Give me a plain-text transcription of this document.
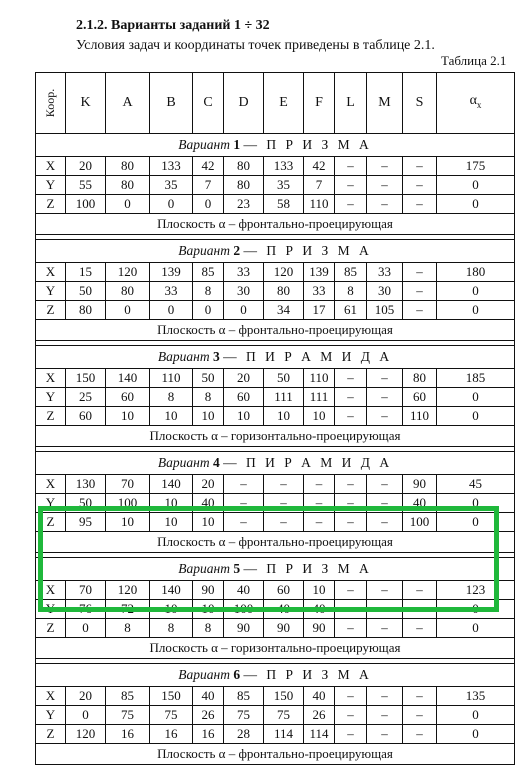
2.1.2. Варианты заданий 1 ÷ 32
Условия задач и координаты точек приведены в таблице 2.1.
Таблица 2.1
Коор.	K	A	B	C	D	E	F	L	M	S	$\alpha_x$
Вариант 1 — П Р И З М А											
X	20	80	133	42	80	133	42	–	–	–	175
Y	55	80	35	7	80	35	7	–	–	–	0
Z	100	0	0	0	23	58	110	–	–	–	0
Плоскость α – фронтально-проецирующая											

Вариант 2 — П Р И З М А											
X	15	120	139	85	33	120	139	85	33	–	180
Y	50	80	33	8	30	80	33	8	30	–	0
Z	80	0	0	0	0	34	17	61	105	–	0
Плоскость α – фронтально-проецирующая											

Вариант 3 — П И Р А М И Д А											
X	150	140	110	50	20	50	110	–	–	80	185
Y	25	60	8	8	60	111	111	–	–	60	0
Z	60	10	10	10	10	10	10	–	–	110	0
Плоскость α – горизонтально-проецирующая											

Вариант 4 — П И Р А М И Д А											
X	130	70	140	20	–	–	–	–	–	90	45
Y	50	100	10	40	–	–	–	–	–	40	0
Z	95	10	10	10	–	–	–	–	–	100	0
Плоскость α – фронтально-проецирующая											

Вариант 5 — П Р И З М А											
X	70	120	140	90	40	60	10	–	–	–	123
Y	76	72	10	10	100	40	40	–	–	–	0
Z	0	8	8	8	90	90	90	–	–	–	0
Плоскость α – горизонтально-проецирующая											

Вариант 6 — П Р И З М А											
X	20	85	150	40	85	150	40	–	–	–	135
Y	0	75	75	26	75	75	26	–	–	–	0
Z	120	16	16	16	28	114	114	–	–	–	0
Плоскость α – фронтально-проецирующая											
